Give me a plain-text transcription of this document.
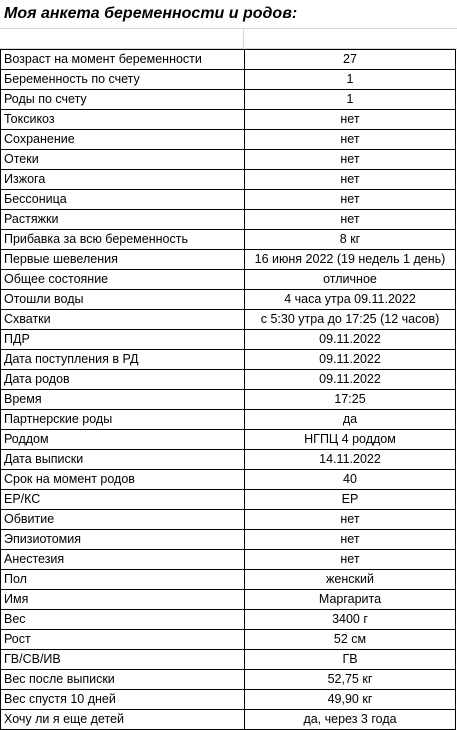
Моя анкета беременности и родов:
Возраст на момент беременности	27
Беременность по счету	1
Роды по счету	1
Токсикоз	нет
Сохранение	нет
Отеки	нет
Изжога	нет
Бессоница	нет
Растяжки	нет
Прибавка за всю беременность	8 кг
Первые шевеления	16 июня 2022 (19 недель 1 день)
Общее состояние	отличное
Отошли воды	4 часа утра 09.11.2022
Схватки	с 5:30 утра до 17:25 (12 часов)
ПДР	09.11.2022
Дата поступления в РД	09.11.2022
Дата родов	09.11.2022
Время	17:25
Партнерские роды	да
Роддом	НГПЦ 4 роддом
Дата выписки	14.11.2022
Срок на момент родов	40
ЕР/КС	ЕР
Обвитие	нет
Эпизиотомия	нет
Анестезия	нет
Пол	женский
Имя	Маргарита
Вес	3400 г
Рост	52 см
ГВ/СВ/ИВ	ГВ
Вес после выписки	52,75 кг
Вес спустя 10 дней	49,90 кг
Хочу ли я еще детей	да, через 3 года
